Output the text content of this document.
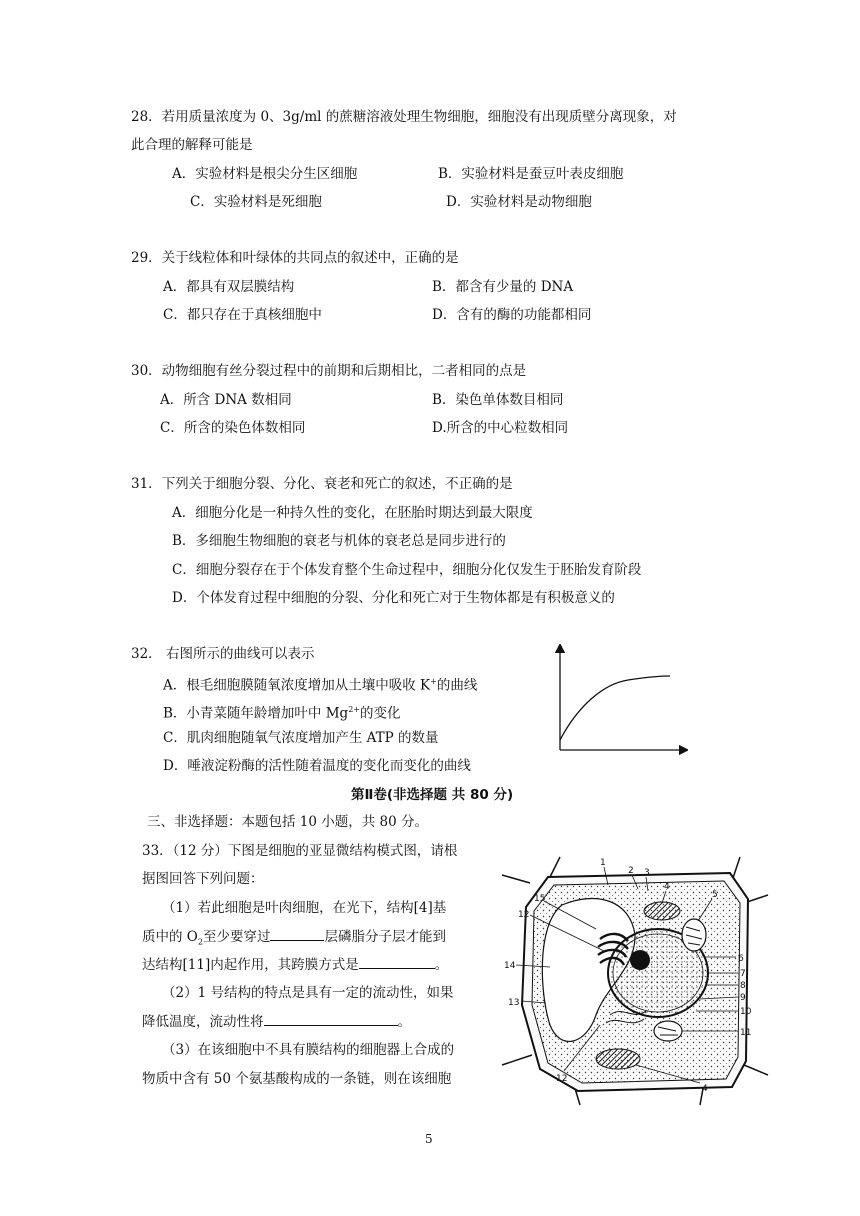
28．若用质量浓度为 0、3g/ml 的蔗糖溶液处理生物细胞，细胞没有出现质壁分离现象，对
此合理的解释可能是
A．实验材料是根尖分生区细胞	B．实验材料是蚕豆叶表皮细胞
C．实验材料是死细胞	D．实验材料是动物细胞
29．关于线粒体和叶绿体的共同点的叙述中，正确的是
A．都具有双层膜结构	B．都含有少量的 DNA
C．都只存在于真核细胞中	D．含有的酶的功能都相同
30．动物细胞有丝分裂过程中的前期和后期相比，二者相同的点是
A．所含 DNA 数相同	B．染色单体数目相同
C．所含的染色体数相同	D.所含的中心粒数相同
31．下列关于细胞分裂、分化、衰老和死亡的叙述，不正确的是
A．细胞分化是一种持久性的变化，在胚胎时期达到最大限度
B．多细胞生物细胞的衰老与机体的衰老总是同步进行的
C．细胞分裂存在于个体发育整个生命过程中，细胞分化仅发生于胚胎发育阶段
D．个体发育过程中细胞的分裂、分化和死亡对于生物体都是有积极意义的
32． 右图所示的曲线可以表示
A．根毛细胞膜随氧浓度增加从土壤中吸收 K+的曲线
B．小青菜随年龄增加叶中 $Mg^{2+}$的变化
C．肌肉细胞随氧气浓度增加产生 ATP 的数量
D．唾液淀粉酶的活性随着温度的变化而变化的曲线
第Ⅱ卷(非选择题 共 80 分)
三、非选择题：本题包括 10 小题，共 80 分。
33．（12 分）下图是细胞的亚显微结构模式图，请根
据图回答下列问题：
（1）若此细胞是叶肉细胞，在光下，结构[4]基
质中的 $O_2$至少要穿过	层磷脂分子层才能到
达结构[11]内起作用，其跨膜方式是	。
（2）1 号结构的特点是具有一定的流动性，如果
降低温度，流动性将	。
（3）在该细胞中不具有膜结构的细胞器上合成的
物质中含有 50 个氨基酸构成的一条链，则在该细胞
1
2 3
4
5
6
7
8
9
10
11
12
13
14
15
4
12
5
